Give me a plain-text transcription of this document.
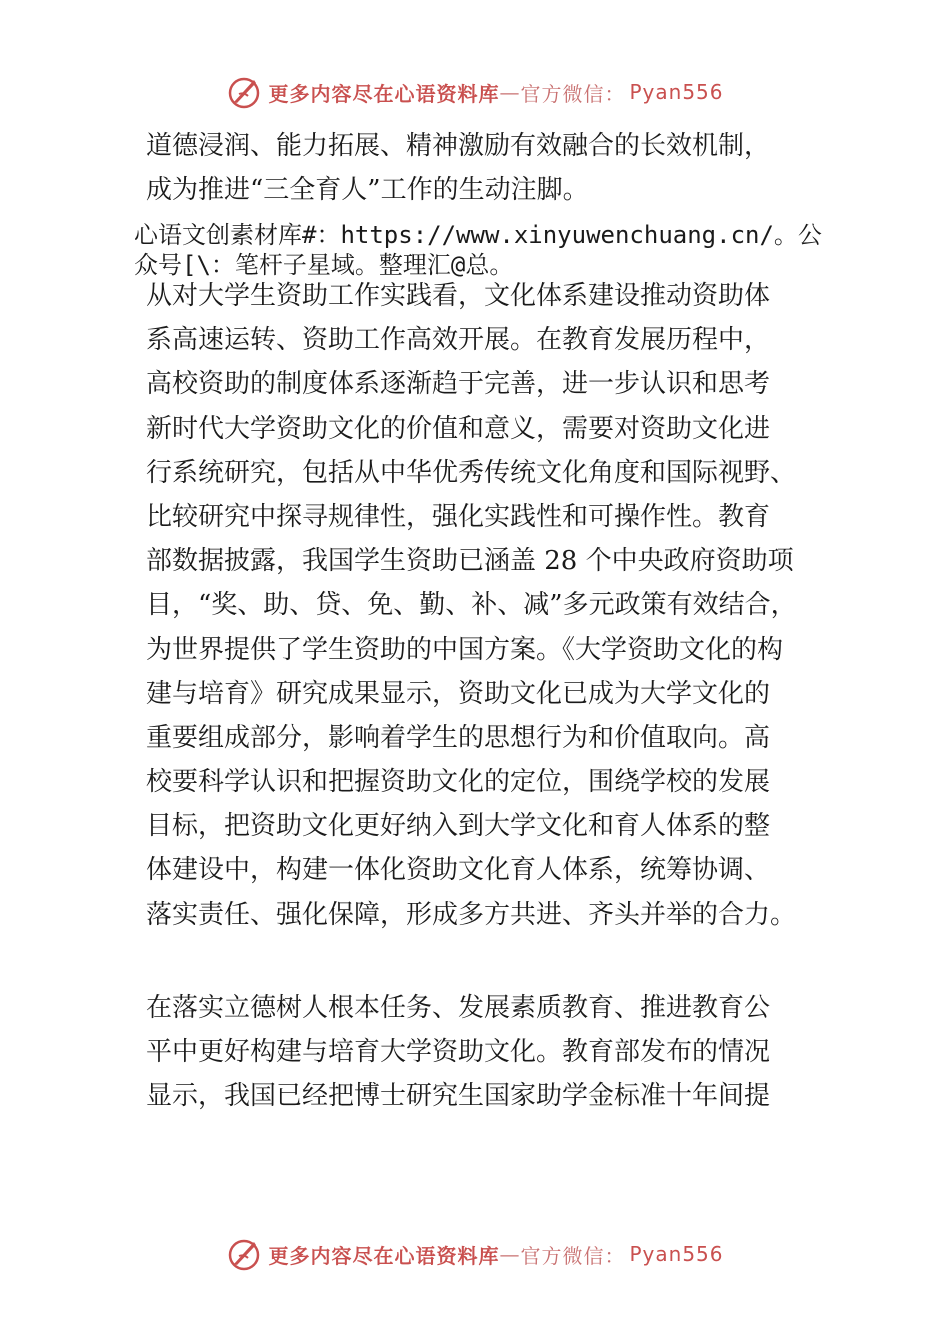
更多内容尽在心语资料库 — 官方微信： Pyan556
道德浸润、能力拓展、精神激励有效融合的长效机制，
成为推进“三全育人”工作的生动注脚。
心语文创素材库#：https://www.xinyuwenchuang.cn/。公
众号[\：笔杆子星域。整理汇@总。
从对大学生资助工作实践看，文化体系建设推动资助体
系高速运转、资助工作高效开展。在教育发展历程中，
高校资助的制度体系逐渐趋于完善，进一步认识和思考
新时代大学资助文化的价值和意义，需要对资助文化进
行系统研究，包括从中华优秀传统文化角度和国际视野、
比较研究中探寻规律性，强化实践性和可操作性。教育
部数据披露，我国学生资助已涵盖 28 个中央政府资助项
目，“奖、助、贷、免、勤、补、减”多元政策有效结合，
为世界提供了学生资助的中国方案。《大学资助文化的构
建与培育》研究成果显示，资助文化已成为大学文化的
重要组成部分，影响着学生的思想行为和价值取向。高
校要科学认识和把握资助文化的定位，围绕学校的发展
目标，把资助文化更好纳入到大学文化和育人体系的整
体建设中，构建一体化资助文化育人体系，统筹协调、
落实责任、强化保障，形成多方共进、齐头并举的合力。
在落实立德树人根本任务、发展素质教育、推进教育公
平中更好构建与培育大学资助文化。教育部发布的情况
显示，我国已经把博士研究生国家助学金标准十年间提
更多内容尽在心语资料库 — 官方微信： Pyan556
